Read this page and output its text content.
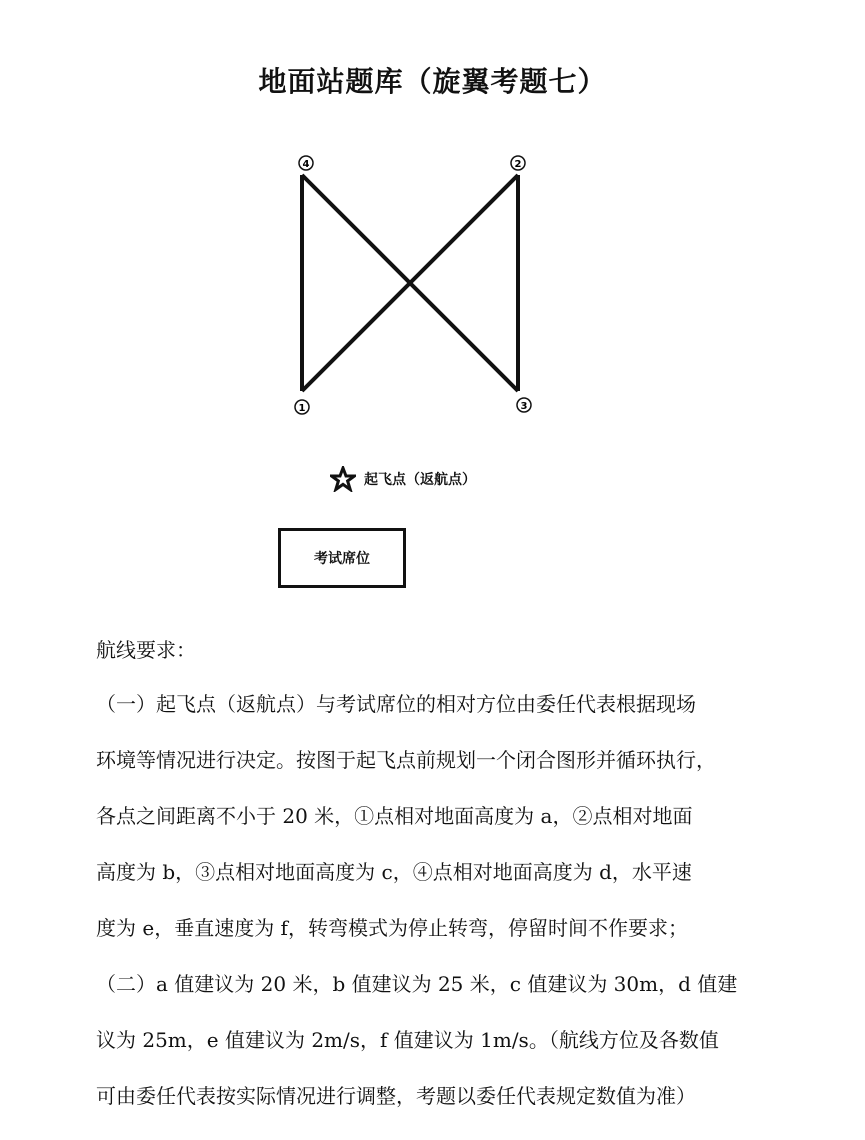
地面站题库（旋翼考题七）
4	2
1	3
起飞点（返航点）
考试席位
航线要求：
（一）起飞点（返航点）与考试席位的相对方位由委任代表根据现场
环境等情况进行决定。按图于起飞点前规划一个闭合图形并循环执行，
各点之间距离不小于 20 米，①点相对地面高度为 a，②点相对地面
高度为 b，③点相对地面高度为 c，④点相对地面高度为 d，水平速
度为 e，垂直速度为 f，转弯模式为停止转弯，停留时间不作要求；
（二）a 值建议为 20 米，b 值建议为 25 米，c 值建议为 30m，d 值建
议为 25m，e 值建议为 2m/s，f 值建议为 1m/s。（航线方位及各数值
可由委任代表按实际情况进行调整，考题以委任代表规定数值为准）
